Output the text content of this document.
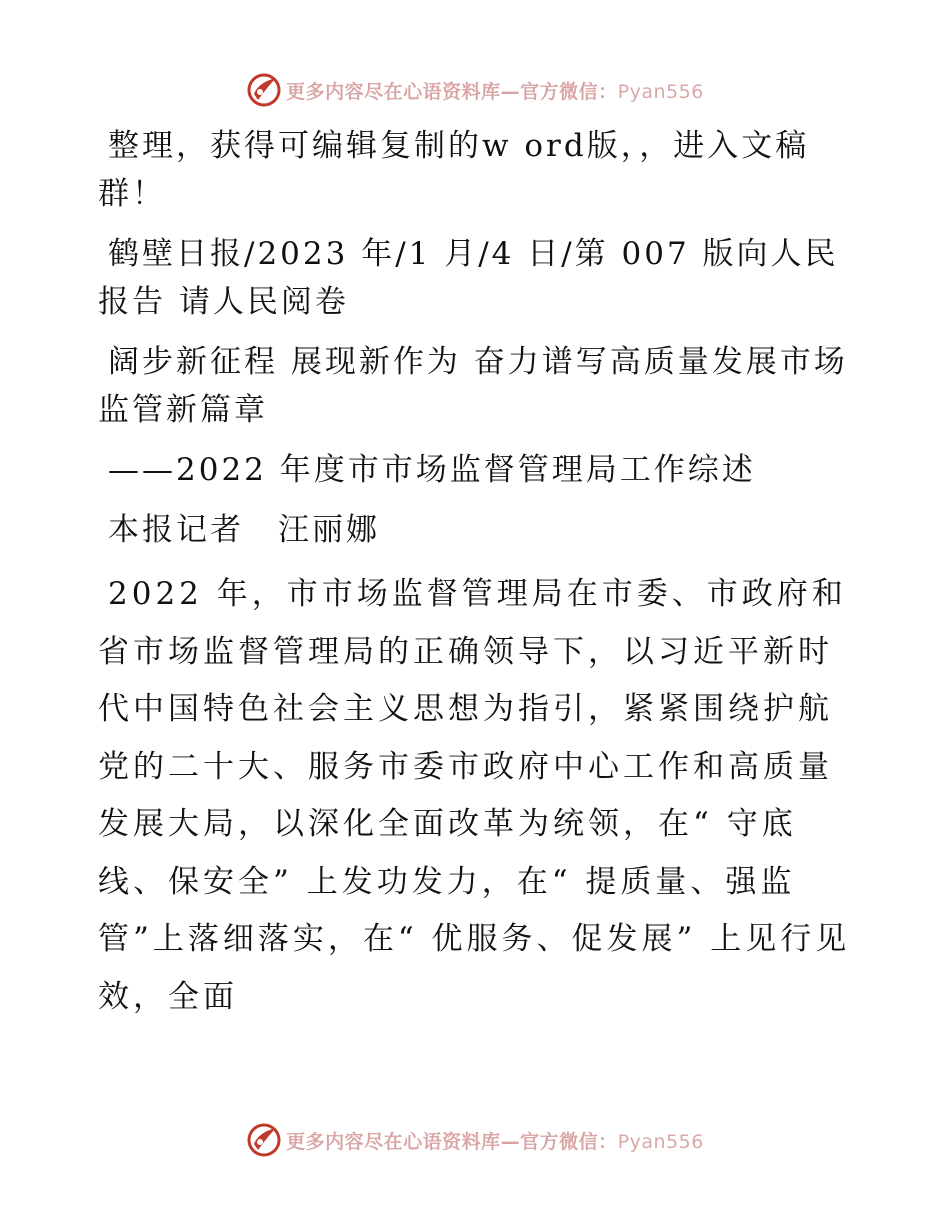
更多内容尽在心语资料库—官方微信：Pyan556

整理，获得可编辑复制的w ord版，，进入文稿群！

鹤壁日报/2023 年/1 月/4 日/第 007 版向人民报告 请人民阅卷

阔步新征程 展现新作为 奋力谱写高质量发展市场监管新篇章

——2022 年度市市场监督管理局工作综述

本报记者　汪丽娜

2022 年，市市场监督管理局在市委、市政府和省市场监督管理局的正确领导下，以习近平新时代中国特色社会主义思想为指引，紧紧围绕护航党的二十大、服务市委市政府中心工作和高质量发展大局，以深化全面改革为统领，在“ 守底线、保安全” 上发功发力，在“ 提质量、强监管”上落细落实，在“ 优服务、促发展” 上见行见效，全面

更多内容尽在心语资料库—官方微信：Pyan556
